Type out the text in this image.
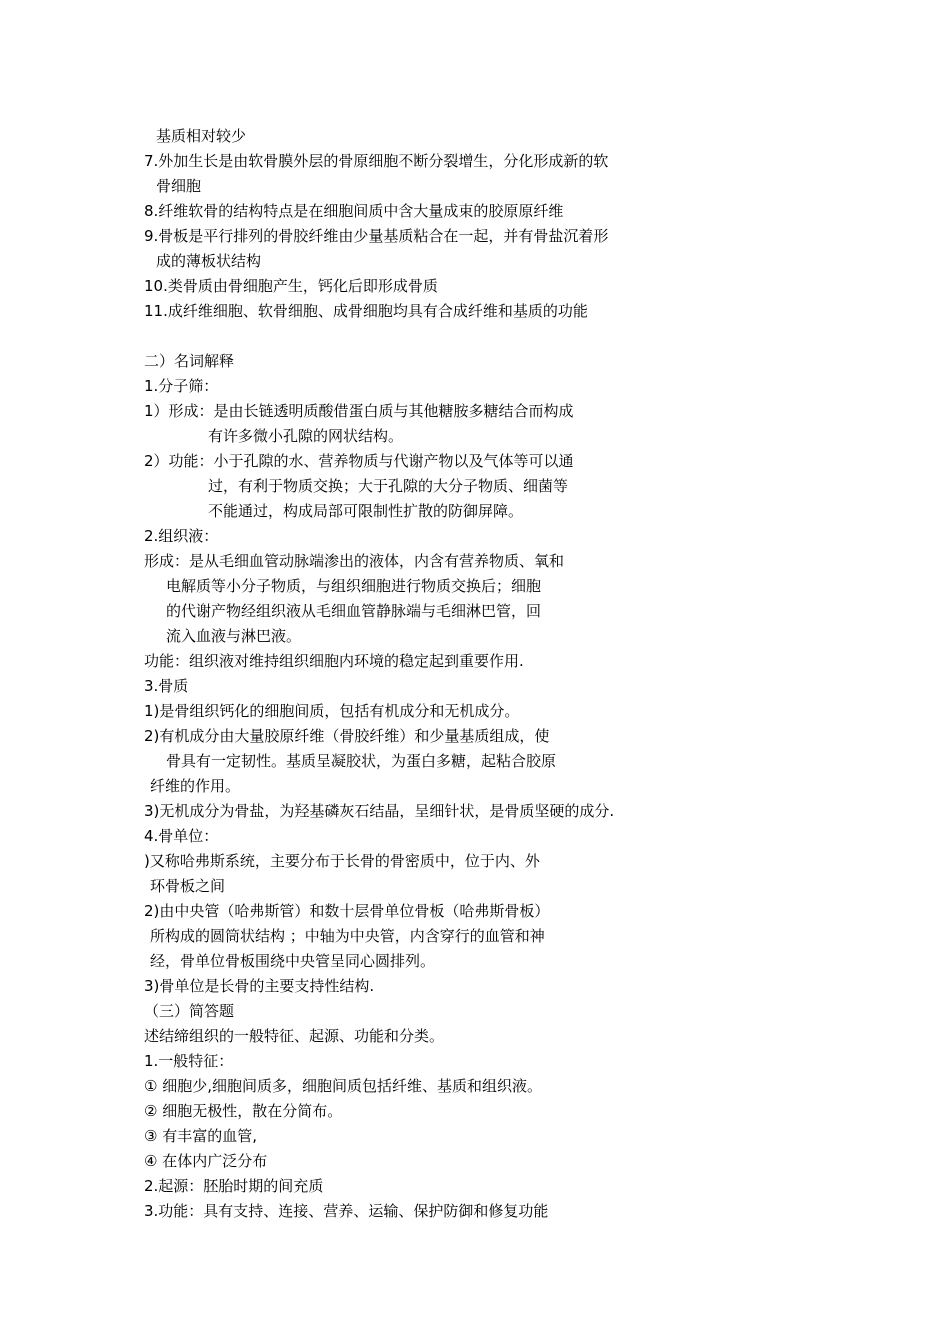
基质相对较少
7.外加生长是由软骨膜外层的骨原细胞不断分裂增生，分化形成新的软
骨细胞
8.纤维软骨的结构特点是在细胞间质中含大量成束的胶原原纤维
9.骨板是平行排列的骨胶纤维由少量基质粘合在一起，并有骨盐沉着形
成的薄板状结构
10.类骨质由骨细胞产生，钙化后即形成骨质
11.成纤维细胞、软骨细胞、成骨细胞均具有合成纤维和基质的功能
二）名词解释
1.分子筛：
1）形成：是由长链透明质酸借蛋白质与其他糖胺多糖结合而构成
有许多微小孔隙的网状结构。
2）功能：小于孔隙的水、营养物质与代谢产物以及气体等可以通
过，有利于物质交换；大于孔隙的大分子物质、细菌等
不能通过，构成局部可限制性扩散的防御屏障。
2.组织液：
形成：是从毛细血管动脉端渗出的液体，内含有营养物质、氧和
电解质等小分子物质，与组织细胞进行物质交换后；细胞
的代谢产物经组织液从毛细血管静脉端与毛细淋巴管，回
流入血液与淋巴液。
功能：组织液对维持组织细胞内环境的稳定起到重要作用.
3.骨质
1)是骨组织钙化的细胞间质，包括有机成分和无机成分。
2)有机成分由大量胶原纤维（骨胶纤维）和少量基质组成，使
骨具有一定韧性。基质呈凝胶状，为蛋白多糖，起粘合胶原
纤维的作用。
3)无机成分为骨盐，为羟基磷灰石结晶，呈细针状，是骨质坚硬的成分.
4.骨单位：
)又称哈弗斯系统，主要分布于长骨的骨密质中，位于内、外
环骨板之间
2)由中央管（哈弗斯管）和数十层骨单位骨板（哈弗斯骨板）
所构成的圆筒状结构 ；中轴为中央管，内含穿行的血管和神
经，骨单位骨板围绕中央管呈同心圆排列。
3)骨单位是长骨的主要支持性结构.
（三）简答题
述结缔组织的一般特征、起源、功能和分类。
1.一般特征：
① 细胞少,细胞间质多，细胞间质包括纤维、基质和组织液。
② 细胞无极性，散在分简布。
③ 有丰富的血管,
④ 在体内广泛分布
2.起源：胚胎时期的间充质
3.功能：具有支持、连接、营养、运输、保护防御和修复功能
